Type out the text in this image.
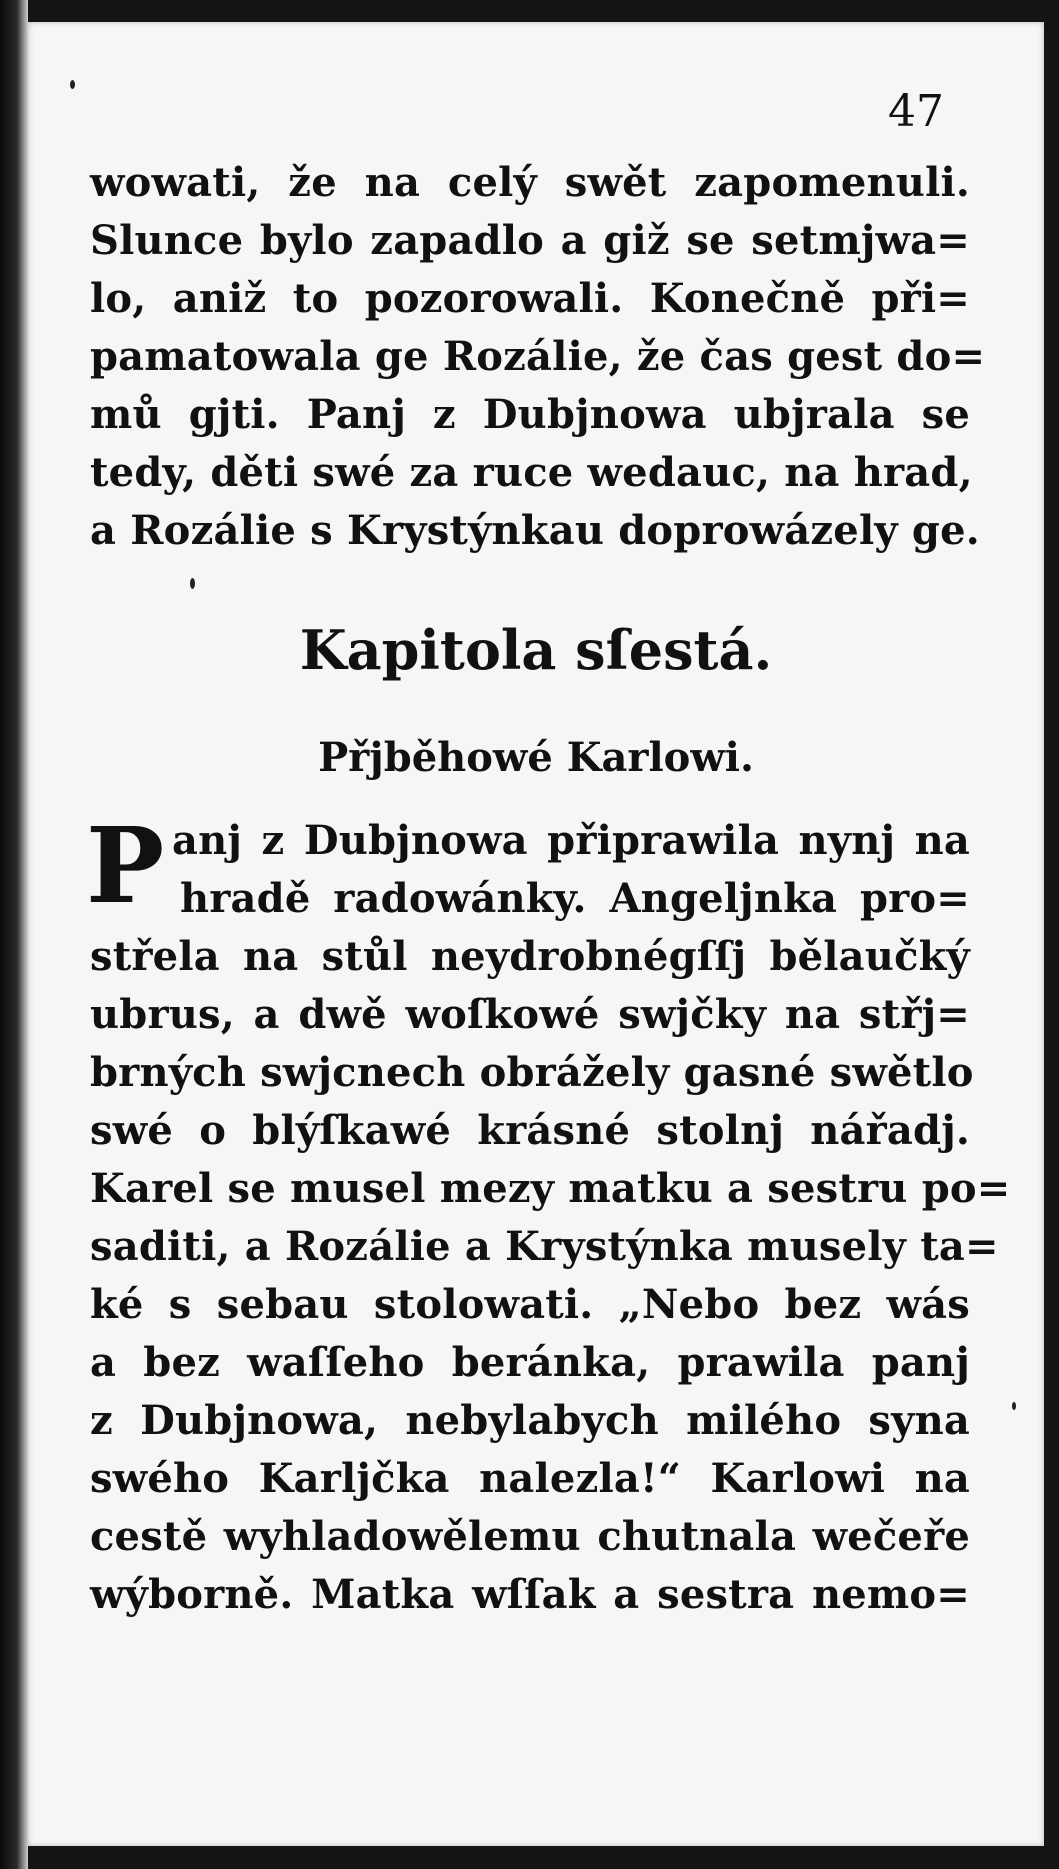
47

wowati, že na celý swět zapomenuli.
Slunce bylo zapadlo a giž se setmjwa=
lo, aniž to pozorowali. Konečně při=
pamatowala ge Rozálie, že čas gest do=
mů gjti. Panj z Dubjnowa ubjrala se
tedy, děti swé za ruce wedauc, na hrad,
a Rozálie s Krystýnkau doprowázely ge.
Kapitola sſestá.
Přjběhowé Karlowi.
P anj z Dubjnowa připrawila nynj na
hradě radowánky. Angeljnka pro=
střela na stůl neydrobnégſſj bělaučký
ubrus, a dwě woſkowé swjčky na střj=
brných swjcnech obrážely gasné swětlo
swé o blýſkawé krásné stolnj nářadj.
Karel se musel mezy matku a sestru po=
saditi, a Rozálie a Krystýnka musely ta=
ké s sebau stolowati. „Nebo bez wás
a bez waſſeho beránka, prawila panj
z Dubjnowa, nebylabych milého syna
swého Karljčka nalezla!“ Karlowi na
cestě wyhladowělemu chutnala wečeře
wýborně. Matka wſſak a sestra nemo=
